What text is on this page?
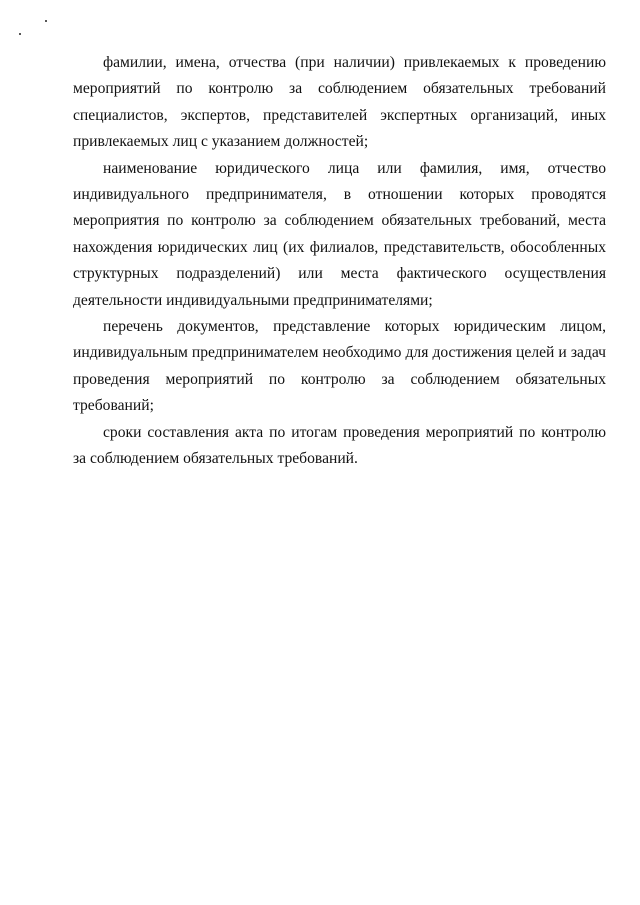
фамилии, имена, отчества (при наличии) привлекаемых к проведению мероприятий по контролю за соблюдением обязательных требований специалистов, экспертов, представителей экспертных организаций, иных привлекаемых лиц с указанием должностей;

наименование юридического лица или фамилия, имя, отчество индивидуального предпринимателя, в отношении которых проводятся мероприятия по контролю за соблюдением обязательных требований, места нахождения юридических лиц (их филиалов, представительств, обособленных структурных подразделений) или места фактического осуществления деятельности индивидуальными предпринимателями;

перечень документов, представление которых юридическим лицом, индивидуальным предпринимателем необходимо для достижения целей и задач проведения мероприятий по контролю за соблюдением обязательных требований;

сроки составления акта по итогам проведения мероприятий по контролю за соблюдением обязательных требований.
